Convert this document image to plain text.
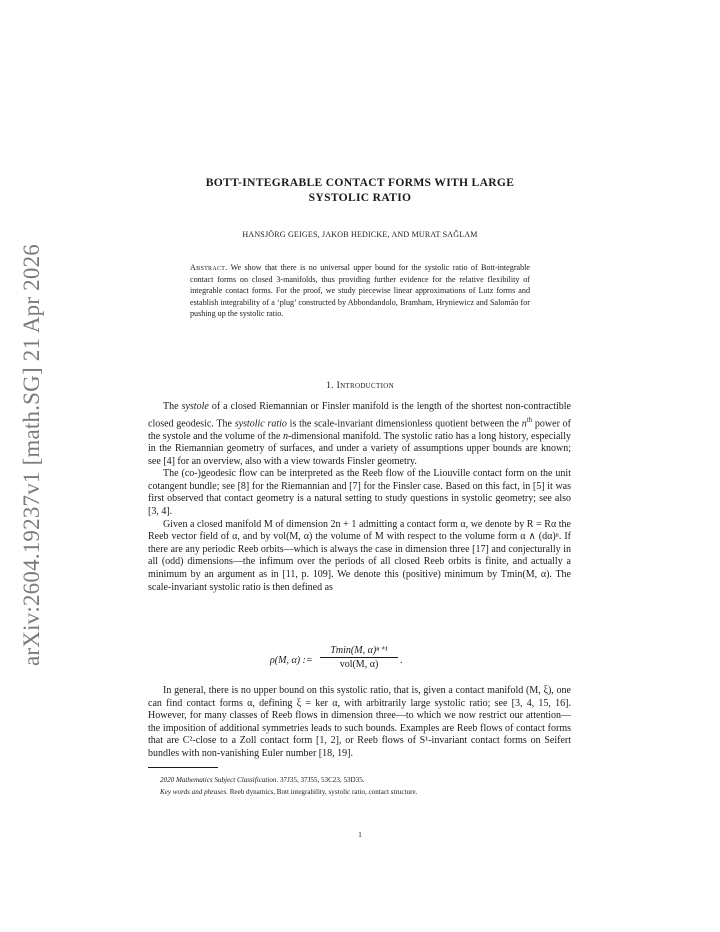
arXiv:2604.19237v1 [math.SG] 21 Apr 2026
BOTT-INTEGRABLE CONTACT FORMS WITH LARGE
SYSTOLIC RATIO
HANSJÖRG GEIGES, JAKOB HEDICKE, AND MURAT SAĞLAM
Abstract. We show that there is no universal upper bound for the systolic ratio of Bott-integrable contact forms on closed 3-manifolds, thus providing further evidence for the relative flexibility of integrable contact forms. For the proof, we study piecewise linear approximations of Lutz forms and establish integrability of a ‘plug’ constructed by Abbondandolo, Bramham, Hryniewicz and Salomão for pushing up the systolic ratio.
1. Introduction

The systole of a closed Riemannian or Finsler manifold is the length of the shortest non-contractible closed geodesic. The systolic ratio is the scale-invariant dimensionless quotient between the $n^{th}$ power of the systole and the volume of the n-dimensional manifold. The systolic ratio has a long history, especially in the Riemannian geometry of surfaces, and under a variety of assumptions upper bounds are known; see [4] for an overview, also with a view towards Finsler geometry.

The (co-)geodesic flow can be interpreted as the Reeb flow of the Liouville contact form on the unit cotangent bundle; see [8] for the Riemannian and [7] for the Finsler case. Based on this fact, in [5] it was first observed that contact geometry is a natural setting to study questions in systolic geometry; see also [3, 4].

Given a closed manifold M of dimension 2n + 1 admitting a contact form α, we denote by R = Rα the Reeb vector field of α, and by vol(M, α) the volume of M with respect to the volume form α ∧ (dα)ⁿ. If there are any periodic Reeb orbits—which is always the case in dimension three [17] and conjecturally in all (odd) dimensions—the infimum over the periods of all closed Reeb orbits is finite, and actually a minimum by an argument as in [11, p. 109]. We denote this (positive) minimum by Tmin(M, α). The scale-invariant systolic ratio is then defined as

ρ(M, α) :=
Tmin(M, α)ⁿ⁺¹
vol(M, α)	.

In general, there is no upper bound on this systolic ratio, that is, given a contact manifold (M, ξ), one can find contact forms α, defining ξ = ker α, with arbitrarily large systolic ratio; see [3, 4, 15, 16]. However, for many classes of Reeb flows in dimension three—to which we now restrict our attention—the imposition of additional symmetries leads to such bounds. Examples are Reeb flows of contact forms that are C²-close to a Zoll contact form [1, 2], or Reeb flows of S¹-invariant contact forms on Seifert bundles with non-vanishing Euler number [18, 19].

2020 Mathematics Subject Classification. 37J35, 37J55, 53C23, 53D35.
Key words and phrases. Reeb dynamics, Bott integrability, systolic ratio, contact structure.
1
